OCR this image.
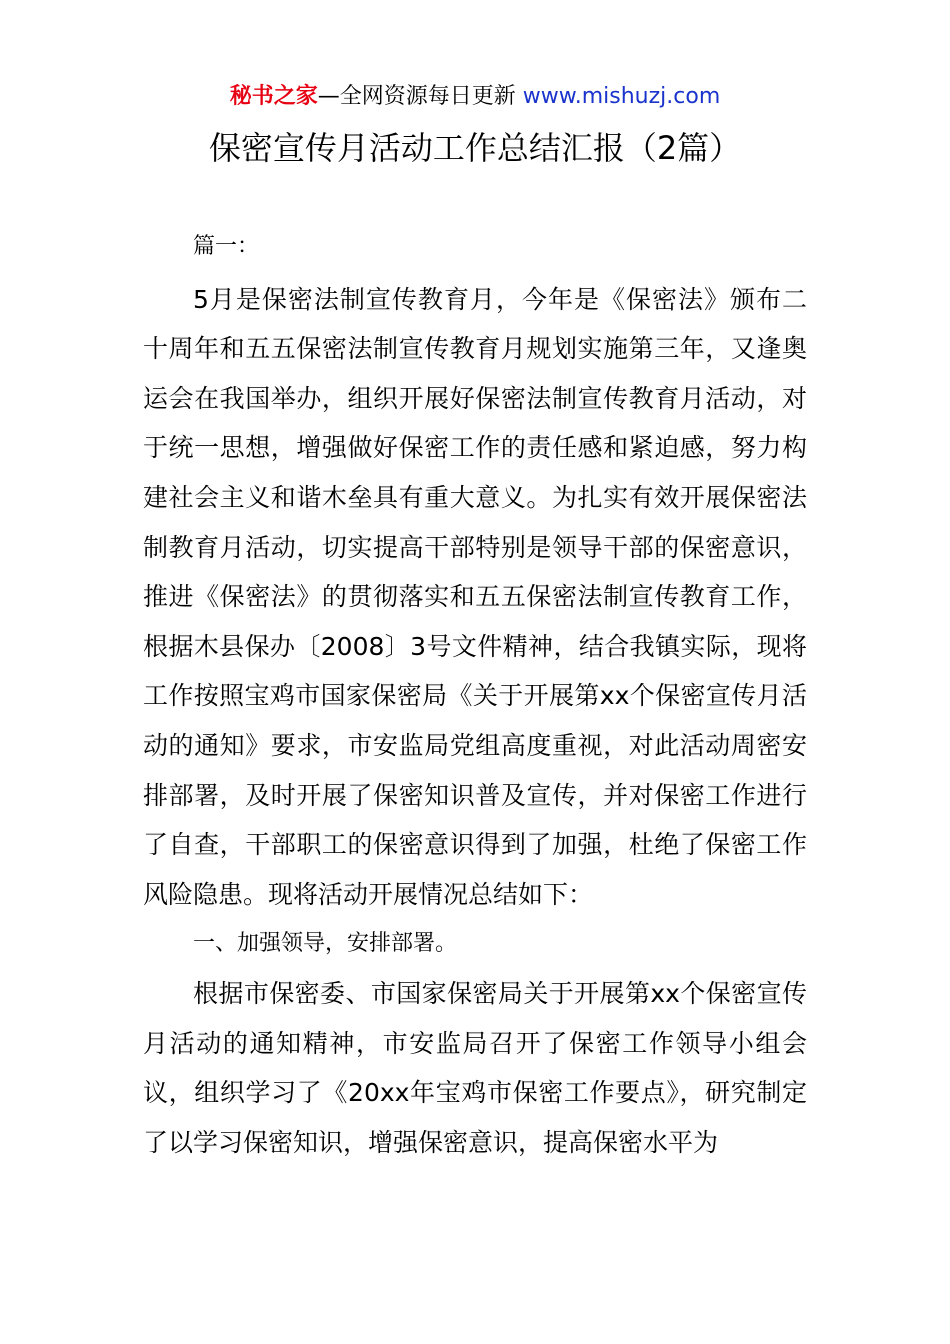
秘书之家—全网资源每日更新 www.mishuzj.com
保密宣传月活动工作总结汇报（2篇）

篇一：

5月是保密法制宣传教育月，今年是《保密法》颁布二十周年和五五保密法制宣传教育月规划实施第三年，又逢奥运会在我国举办，组织开展好保密法制宣传教育月活动，对于统一思想，增强做好保密工作的责任感和紧迫感，努力构建社会主义和谐木垒具有重大意义。为扎实有效开展保密法制教育月活动，切实提高干部特别是领导干部的保密意识，推进《保密法》的贯彻落实和五五保密法制宣传教育工作，根据木县保办〔2008〕3号文件精神，结合我镇实际，现将工作按照宝鸡市国家保密局《关于开展第xx个保密宣传月活动的通知》要求，市安监局党组高度重视，对此活动周密安排部署，及时开展了保密知识普及宣传，并对保密工作进行了自查，干部职工的保密意识得到了加强，杜绝了保密工作风险隐患。现将活动开展情况总结如下：

一、加强领导，安排部署。

根据市保密委、市国家保密局关于开展第xx个保密宣传月活动的通知精神，市安监局召开了保密工作领导小组会议，组织学习了《20xx年宝鸡市保密工作要点》，研究制定了以学习保密知识，增强保密意识，提高保密水平为
